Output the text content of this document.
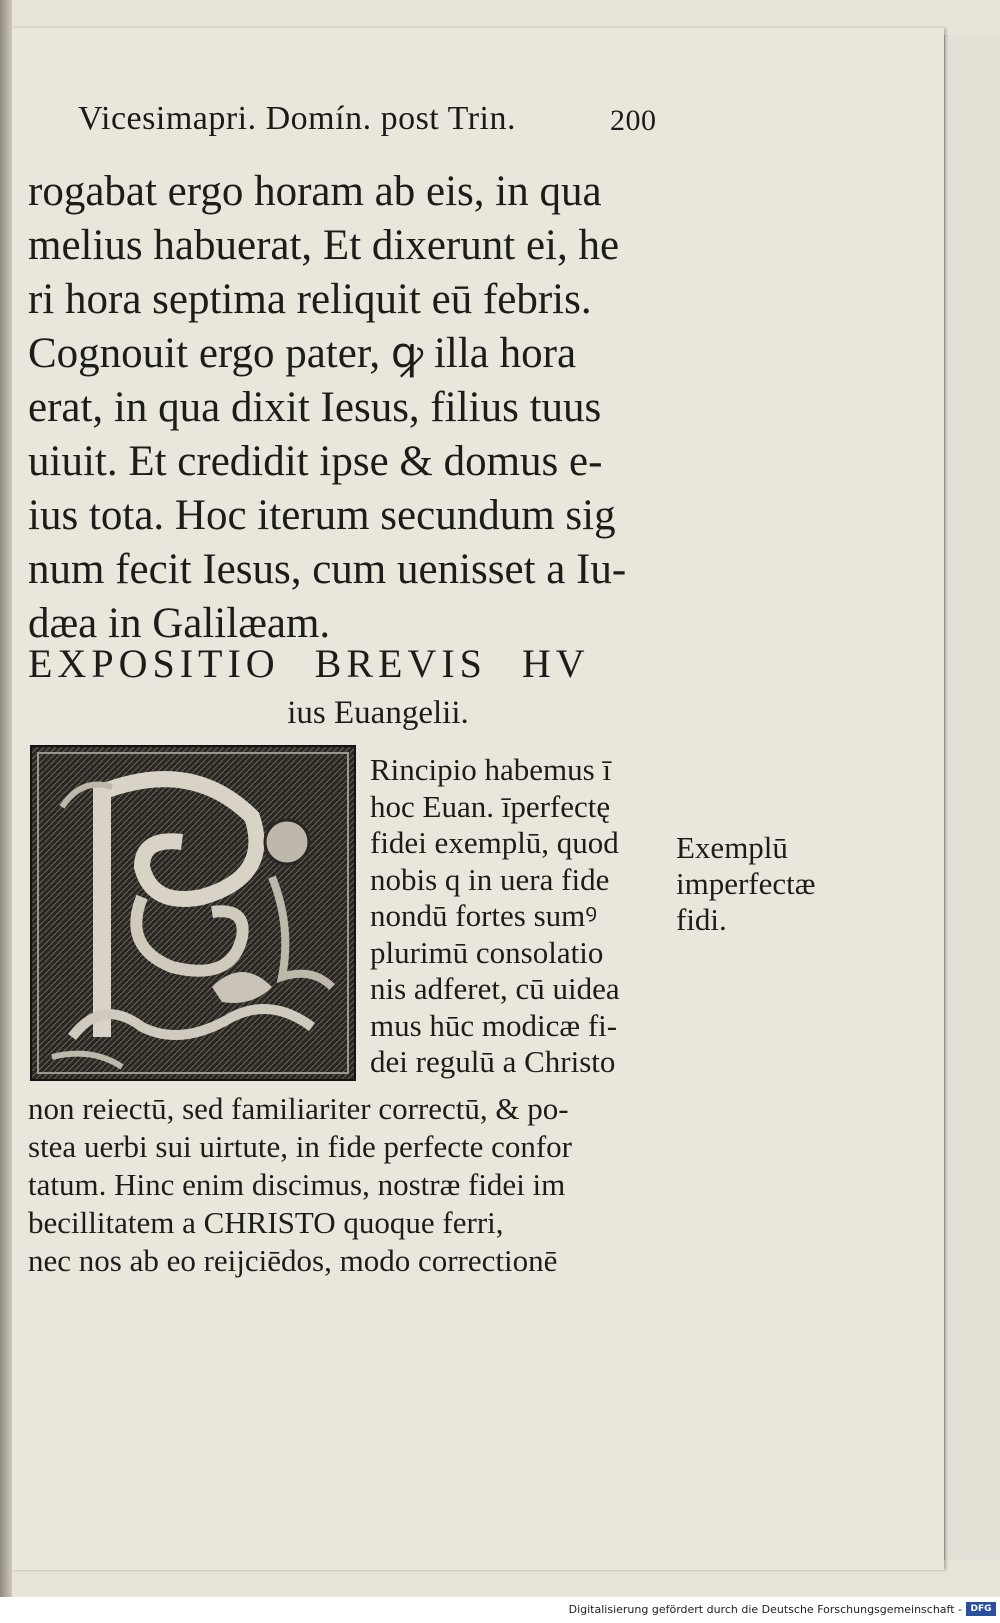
Vicesimapri. Domín. post Trin.	200
rogabat ergo horam ab eis, in qua
melius habuerat, Et dixerunt ei, he
ri hora septima reliquit eū febris.
Cognouit ergo pater, ꝙ illa hora
erat, in qua dixit Iesus, filius tuus
uiuit. Et credidit ipse & domus e-
ius tota. Hoc iterum secundum sig
num fecit Iesus, cum uenisset a Iu-
dæa in Galilæam.
EXPOSITIO BREVIS HV
ius Euangelii.
Rincipio habemus ī
hoc Euan. īperfectę
fidei exemplū, quod
nobis q in uera fide
nondū fortes sumꝰ
plurimū consolatio
nis adferet, cū uidea
mus hūc modicæ fi-
dei regulū a Christo
Exemplū
imperfectæ
fidi.
non reiectū, sed familiariter correctū, & po-
stea uerbi sui uirtute, in fide perfecte confor
tatum. Hinc enim discimus, nostræ fidei im
becillitatem a CHRISTO quoque ferri,
nec nos ab eo reijciēdos, modo correctionē
Digitalisierung gefördert durch die Deutsche Forschungsgemeinschaft - DFG
